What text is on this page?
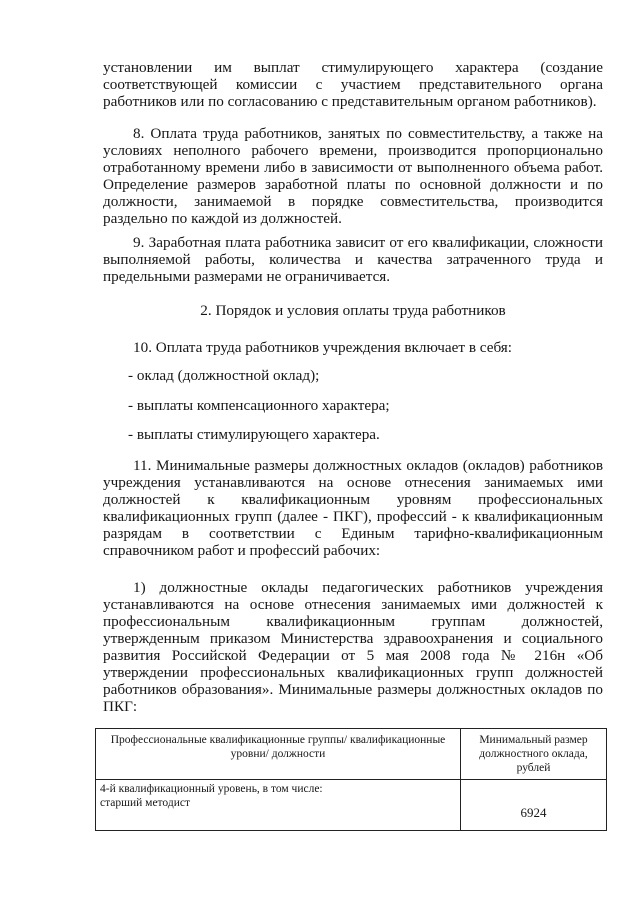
установлении им выплат стимулирующего характера (создание соответствующей комиссии с участием представительного органа работников или по согласованию с представительным органом работников).

8. Оплата труда работников, занятых по совместительству, а также на условиях неполного рабочего времени, производится пропорционально отработанному времени либо в зависимости от выполненного объема работ. Определение размеров заработной платы по основной должности и по должности, занимаемой в порядке совместительства, производится раздельно по каждой из должностей.

9. Заработная плата работника зависит от его квалификации, сложности выполняемой работы, количества и качества затраченного труда и предельными размерами не ограничивается.

2. Порядок и условия оплаты труда работников

10. Оплата труда работников учреждения включает в себя:

- оклад (должностной оклад);

- выплаты компенсационного характера;

- выплаты стимулирующего характера.

11. Минимальные размеры должностных окладов (окладов) работников учреждения устанавливаются на основе отнесения занимаемых ими должностей к квалификационным уровням профессиональных квалификационных групп (далее - ПКГ), профессий - к квалификационным разрядам в соответствии с Единым тарифно-квалификационным справочником работ и профессий рабочих:

1) должностные оклады педагогических работников учреждения устанавливаются на основе отнесения занимаемых ими должностей к профессиональным квалификационным группам должностей, утвержденным приказом Министерства здравоохранения и социального развития Российской Федерации от 5 мая 2008 года № 216н «Об утверждении профессиональных квалификационных групп должностей работников образования». Минимальные размеры должностных окладов по ПКГ:

Профессиональные квалификационные группы/ квалификационные уровни/ должности	Минимальный размер должностного оклада, рублей

4-й квалификационный уровень, в том числе:
старший методист	6924
